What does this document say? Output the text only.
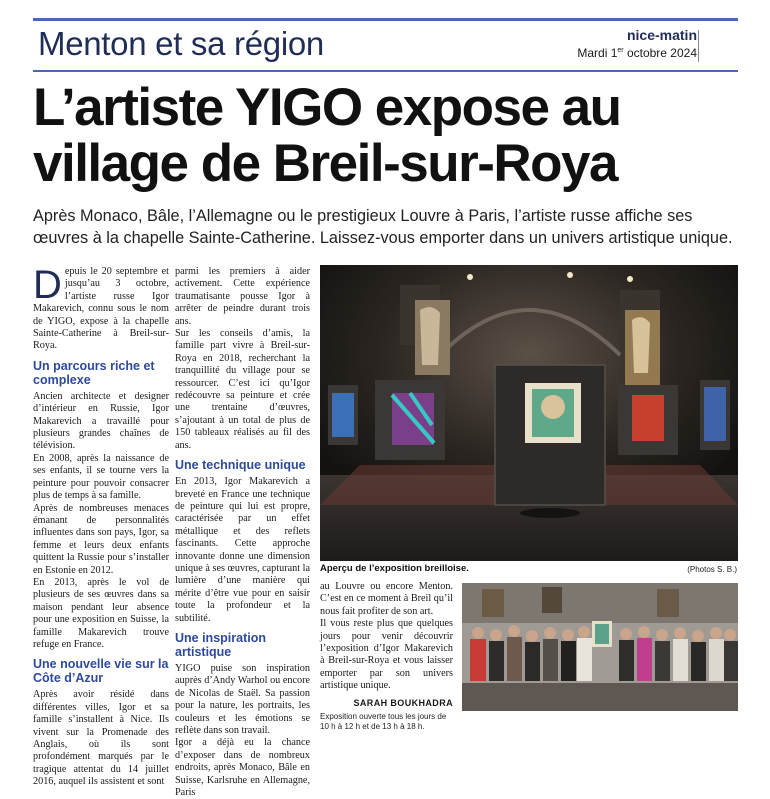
Menton et sa région	nice-matin
Mardi 1er octobre 2024
L’artiste YIGO expose au village de Breil-sur-Roya
Après Monaco, Bâle, l’Allemagne ou le prestigieux Louvre à Paris, l’artiste russe affiche ses œuvres à la chapelle Sainte-Catherine. Laissez-vous emporter dans un univers artistique unique.

Depuis le 20 septembre et jusqu’au 3 octobre, l’artiste russe Igor Makarevich, connu sous le nom de YIGO, expose à la chapelle Sainte-Catherine à Breil-sur-Roya.

Un parcours riche et complexe

Ancien architecte et designer d’intérieur en Russie, Igor Makarevich a travaillé pour plusieurs grandes chaînes de télévision.

En 2008, après la naissance de ses enfants, il se tourne vers la peinture pour pouvoir consacrer plus de temps à sa famille.

Après de nombreuses menaces émanant de personnalités influentes dans son pays, Igor, sa femme et leurs deux enfants quittent la Russie pour s’installer en Estonie en 2012.

En 2013, après le vol de plusieurs de ses œuvres dans sa maison pendant leur absence pour une exposition en Suisse, la famille Makarevich trouve refuge en France.

Une nouvelle vie sur la Côte d’Azur

Après avoir résidé dans différentes villes, Igor et sa famille s’installent à Nice. Ils vivent sur la Promenade des Anglais, où ils sont profondément marqués par le tragique attentat du 14 juillet 2016, auquel ils assistent et sont

parmi les premiers à aider activement. Cette expérience traumatisante pousse Igor à arrêter de peindre durant trois ans.

Sur les conseils d’amis, la famille part vivre à Breil-sur-Roya en 2018, recherchant la tranquillité du village pour se ressourcer. C’est ici qu’Igor redécouvre sa peinture et crée une trentaine d’œuvres, s’ajoutant à un total de plus de 150 tableaux réalisés au fil des ans.

Une technique unique

En 2013, Igor Makarevich a breveté en France une technique de peinture qui lui est propre, caractérisée par un effet métallique et des reflets fascinants. Cette approche innovante donne une dimension unique à ses œuvres, capturant la lumière d’une manière qui mérite d’être vue pour en saisir toute la profondeur et la subtilité.

Une inspiration artistique

YIGO puise son inspiration auprès d’Andy Warhol ou encore de Nicolas de Staël. Sa passion pour la nature, les portraits, les couleurs et les émotions se reflète dans son travail.

Igor a déjà eu la chance d’exposer dans de nombreux endroits, après Monaco, Bâle en Suisse, Karlsruhe en Allemagne, Paris

au Louvre ou encore Menton. C’est en ce moment à Breil qu’il nous fait profiter de son art.

Il vous reste plus que quelques jours pour venir découvrir l’exposition d’Igor Makarevich à Breil-sur-Roya et vous laisser emporter par son univers artistique unique.

SARAH BOUKHADRA
Exposition ouverte tous les jours de 10 h à 12 h et de 13 h à 18 h.
Aperçu de l’exposition breilloise.	(Photos S. B.)
